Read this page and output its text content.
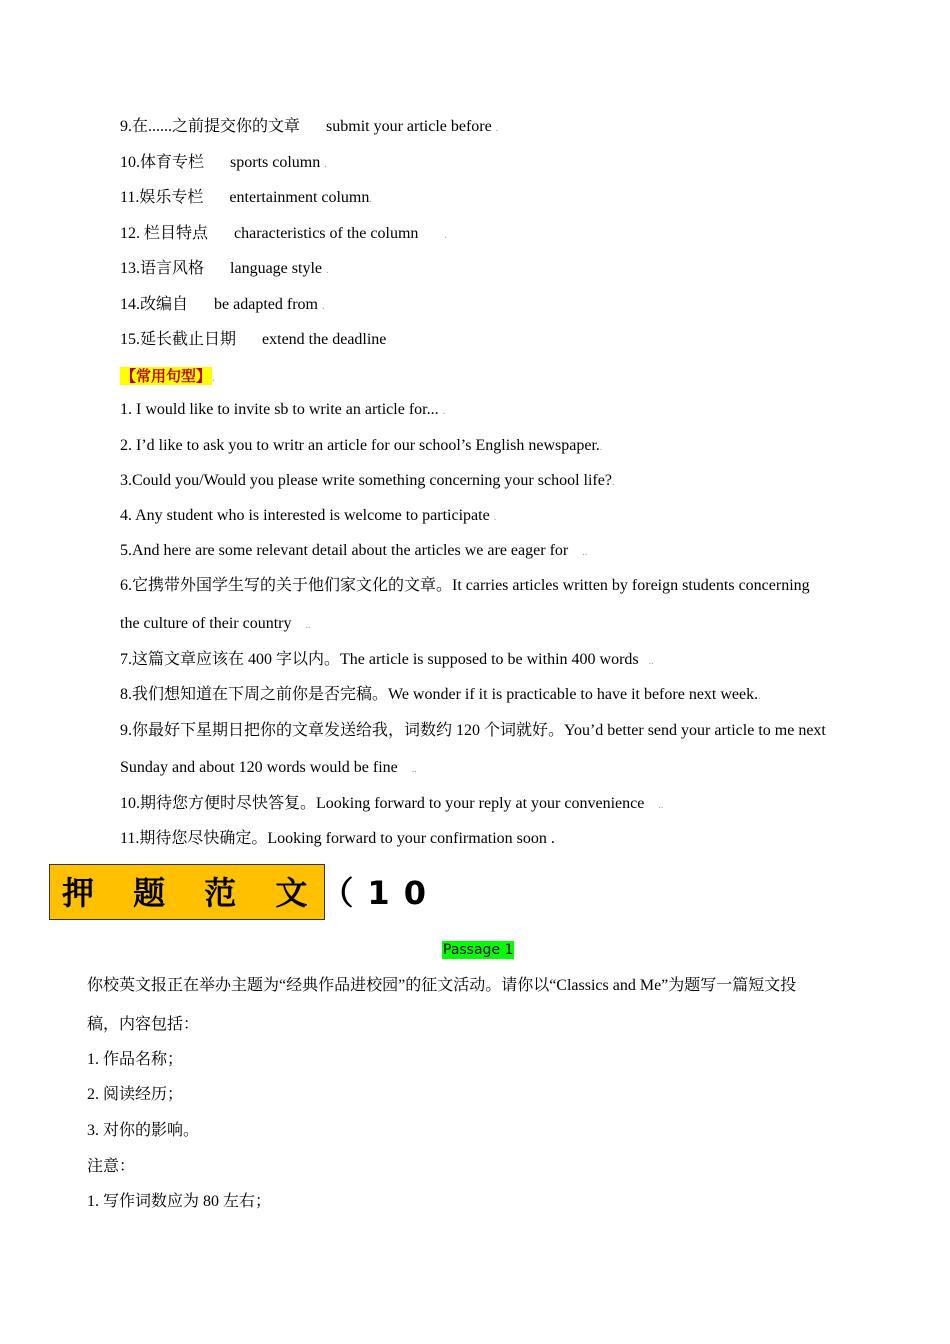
9.在......之前提交你的文章 submit your article before .
10.体育专栏 sports column .
11.娱乐专栏 entertainment column.
12. 栏目特点 characteristics of the column	.
13.语言风格 language style .
14.改编自 be adapted from .
15.延长截止日期 extend the deadline
【常用句型】.
1. I would like to invite sb to write an article for... .
2. I’d like to ask you to writr an article for our school’s English newspaper..
3.Could you/Would you please write something concerning your school life?.
4. Any student who is interested is welcome to participate .
5.And here are some relevant detail about the articles we are eager for ..
6.它携带外国学生写的关于他们家文化的文章。It carries articles written by foreign students concerning
the culture of their country ..
7.这篇文章应该在 400 字以内。The article is supposed to be within 400 words ..
8.我们想知道在下周之前你是否完稿。We wonder if it is practicable to have it before next week..
9.你最好下星期日把你的文章发送给我，词数约 120 个词就好。You’d better send your article to me next
Sunday and about 120 words would be fine ..
10.期待您方便时尽快答复。Looking forward to your reply at your convenience ..
11.期待您尽快确定。Looking forward to your confirmation soon .
押 题 范 文（10
Passage 1
你校英文报正在举办主题为“经典作品进校园”的征文活动。请你以“Classics and Me”为题写一篇短文投
稿，内容包括：
1. 作品名称；
2. 阅读经历；
3. 对你的影响。
注意：
1. 写作词数应为 80 左右；
